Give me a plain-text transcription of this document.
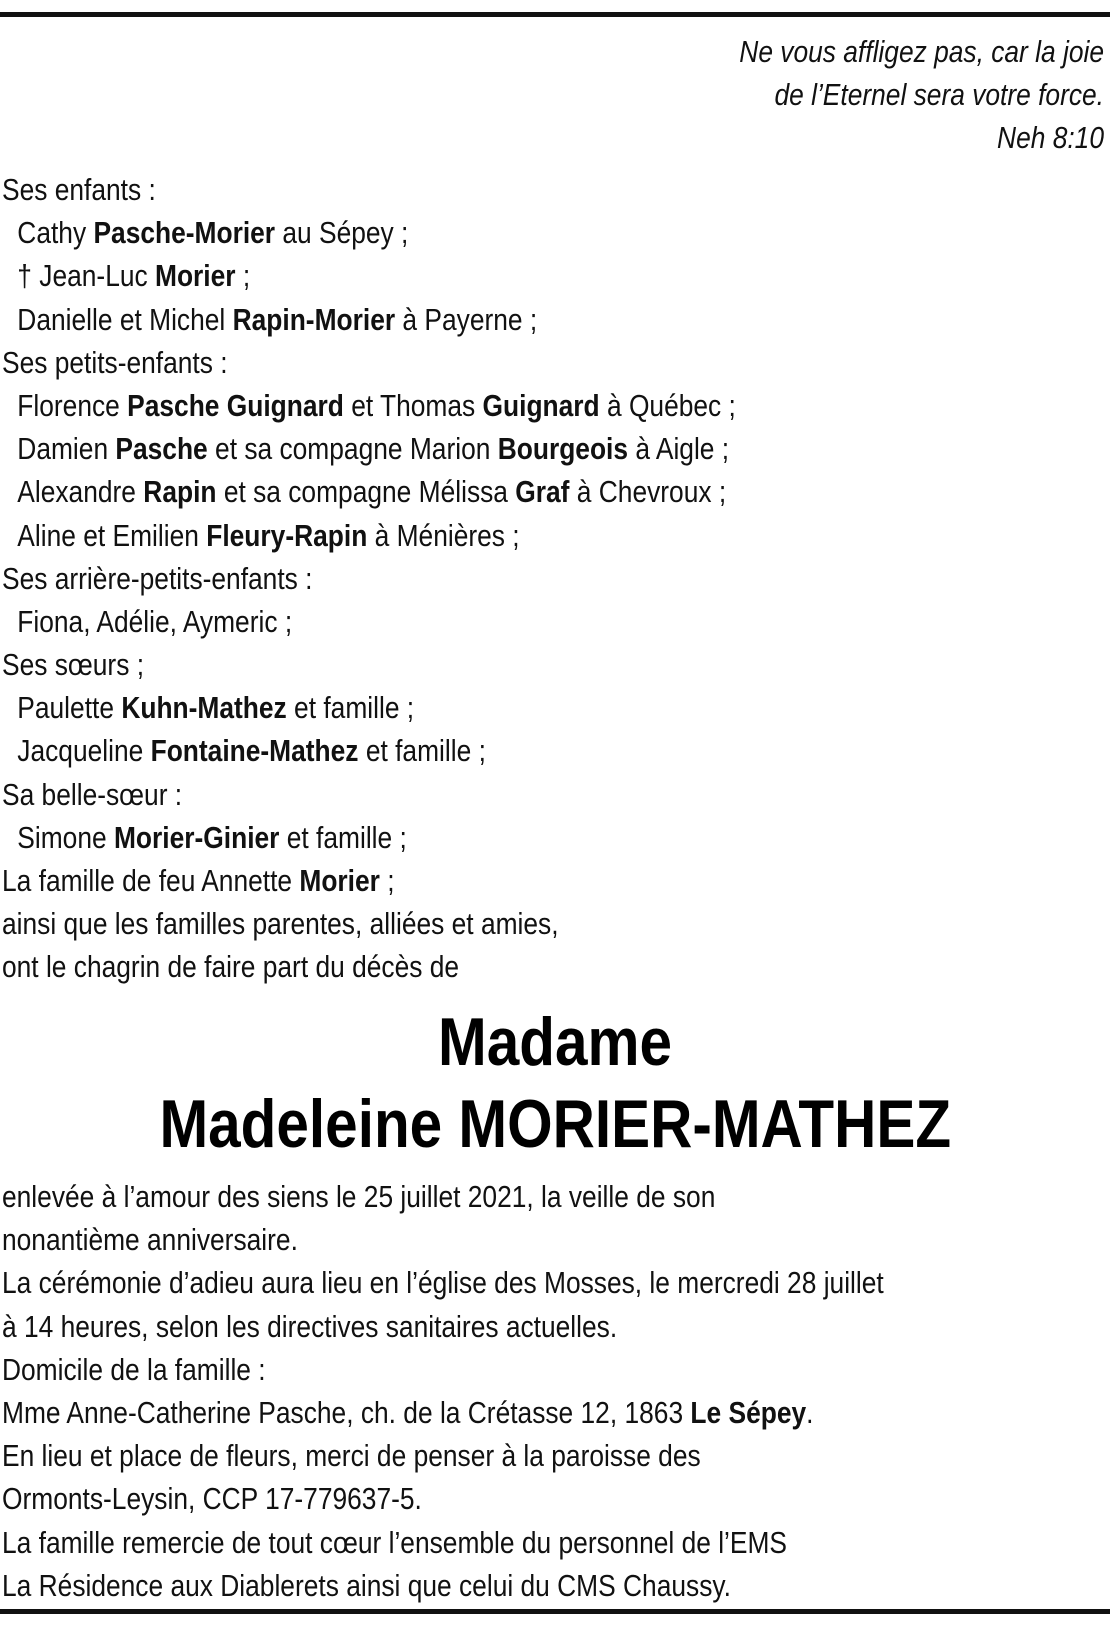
Ne vous affligez pas, car la joie
de l’Eternel sera votre force.
Neh 8:10
Ses enfants :
Cathy Pasche-Morier au Sépey ;
† Jean-Luc Morier ;
Danielle et Michel Rapin-Morier à Payerne ;
Ses petits-enfants :
Florence Pasche Guignard et Thomas Guignard à Québec ;
Damien Pasche et sa compagne Marion Bourgeois à Aigle ;
Alexandre Rapin et sa compagne Mélissa Graf à Chevroux ;
Aline et Emilien Fleury-Rapin à Ménières ;
Ses arrière-petits-enfants :
Fiona, Adélie, Aymeric ;
Ses sœurs ;
Paulette Kuhn-Mathez et famille ;
Jacqueline Fontaine-Mathez et famille ;
Sa belle-sœur :
Simone Morier-Ginier et famille ;
La famille de feu Annette Morier ;
ainsi que les familles parentes, alliées et amies,
ont le chagrin de faire part du décès de
Madame
Madeleine MORIER-MATHEZ
enlevée à l’amour des siens le 25 juillet 2021, la veille de son
nonantième anniversaire.
La cérémonie d’adieu aura lieu en l’église des Mosses, le mercredi 28 juillet
à 14 heures, selon les directives sanitaires actuelles.
Domicile de la famille :
Mme Anne-Catherine Pasche, ch. de la Crétasse 12, 1863 Le Sépey.
En lieu et place de fleurs, merci de penser à la paroisse des
Ormonts-Leysin, CCP 17-779637-5.
La famille remercie de tout cœur l’ensemble du personnel de l’EMS
La Résidence aux Diablerets ainsi que celui du CMS Chaussy.
